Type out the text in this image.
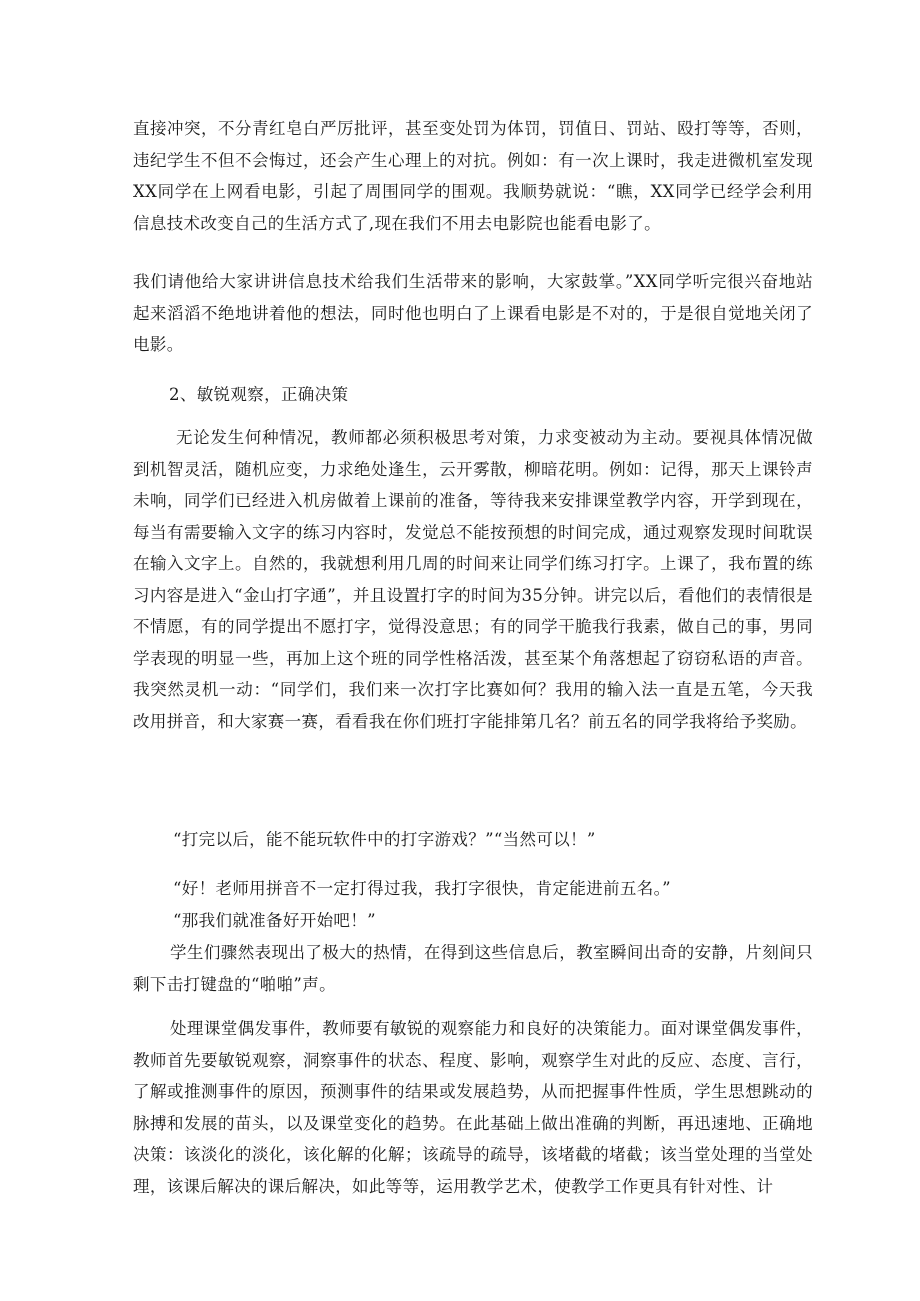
直接冲突，不分青红皂白严厉批评，甚至变处罚为体罚，罚值日、罚站、殴打等等，否则，违纪学生不但不会悔过，还会产生心理上的对抗。例如：有一次上课时，我走进微机室发现XX同学在上网看电影，引起了周围同学的围观。我顺势就说：“瞧，XX同学已经学会利用信息技术改变自己的生活方式了,现在我们不用去电影院也能看电影了。

我们请他给大家讲讲信息技术给我们生活带来的影响，大家鼓掌。”XX同学听完很兴奋地站起来滔滔不绝地讲着他的想法，同时他也明白了上课看电影是不对的，于是很自觉地关闭了电影。

2、敏锐观察，正确决策

无论发生何种情况，教师都必须积极思考对策，力求变被动为主动。要视具体情况做到机智灵活，随机应变，力求绝处逢生，云开雾散，柳暗花明。例如：记得，那天上课铃声未响，同学们已经进入机房做着上课前的准备，等待我来安排课堂教学内容，开学到现在，每当有需要输入文字的练习内容时，发觉总不能按预想的时间完成，通过观察发现时间耽误在输入文字上。自然的，我就想利用几周的时间来让同学们练习打字。上课了，我布置的练习内容是进入“金山打字通”，并且设置打字的时间为35分钟。讲完以后，看他们的表情很是不情愿，有的同学提出不愿打字，觉得没意思；有的同学干脆我行我素，做自己的事，男同学表现的明显一些，再加上这个班的同学性格活泼，甚至某个角落想起了窃窃私语的声音。我突然灵机一动：“同学们，我们来一次打字比赛如何？我用的输入法一直是五笔，今天我改用拼音，和大家赛一赛，看看我在你们班打字能排第几名？前五名的同学我将给予奖励。

“打完以后，能不能玩软件中的打字游戏？”“当然可以！”

“好！老师用拼音不一定打得过我，我打字很快，肯定能进前五名。”

“那我们就准备好开始吧！”

学生们骤然表现出了极大的热情，在得到这些信息后，教室瞬间出奇的安静，片刻间只剩下击打键盘的“啪啪”声。

处理课堂偶发事件，教师要有敏锐的观察能力和良好的决策能力。面对课堂偶发事件，教师首先要敏锐观察，洞察事件的状态、程度、影响，观察学生对此的反应、态度、言行，了解或推测事件的原因，预测事件的结果或发展趋势，从而把握事件性质，学生思想跳动的脉搏和发展的苗头，以及课堂变化的趋势。在此基础上做出准确的判断，再迅速地、正确地决策：该淡化的淡化，该化解的化解；该疏导的疏导，该堵截的堵截；该当堂处理的当堂处理，该课后解决的课后解决，如此等等，运用教学艺术，使教学工作更具有针对性、计
